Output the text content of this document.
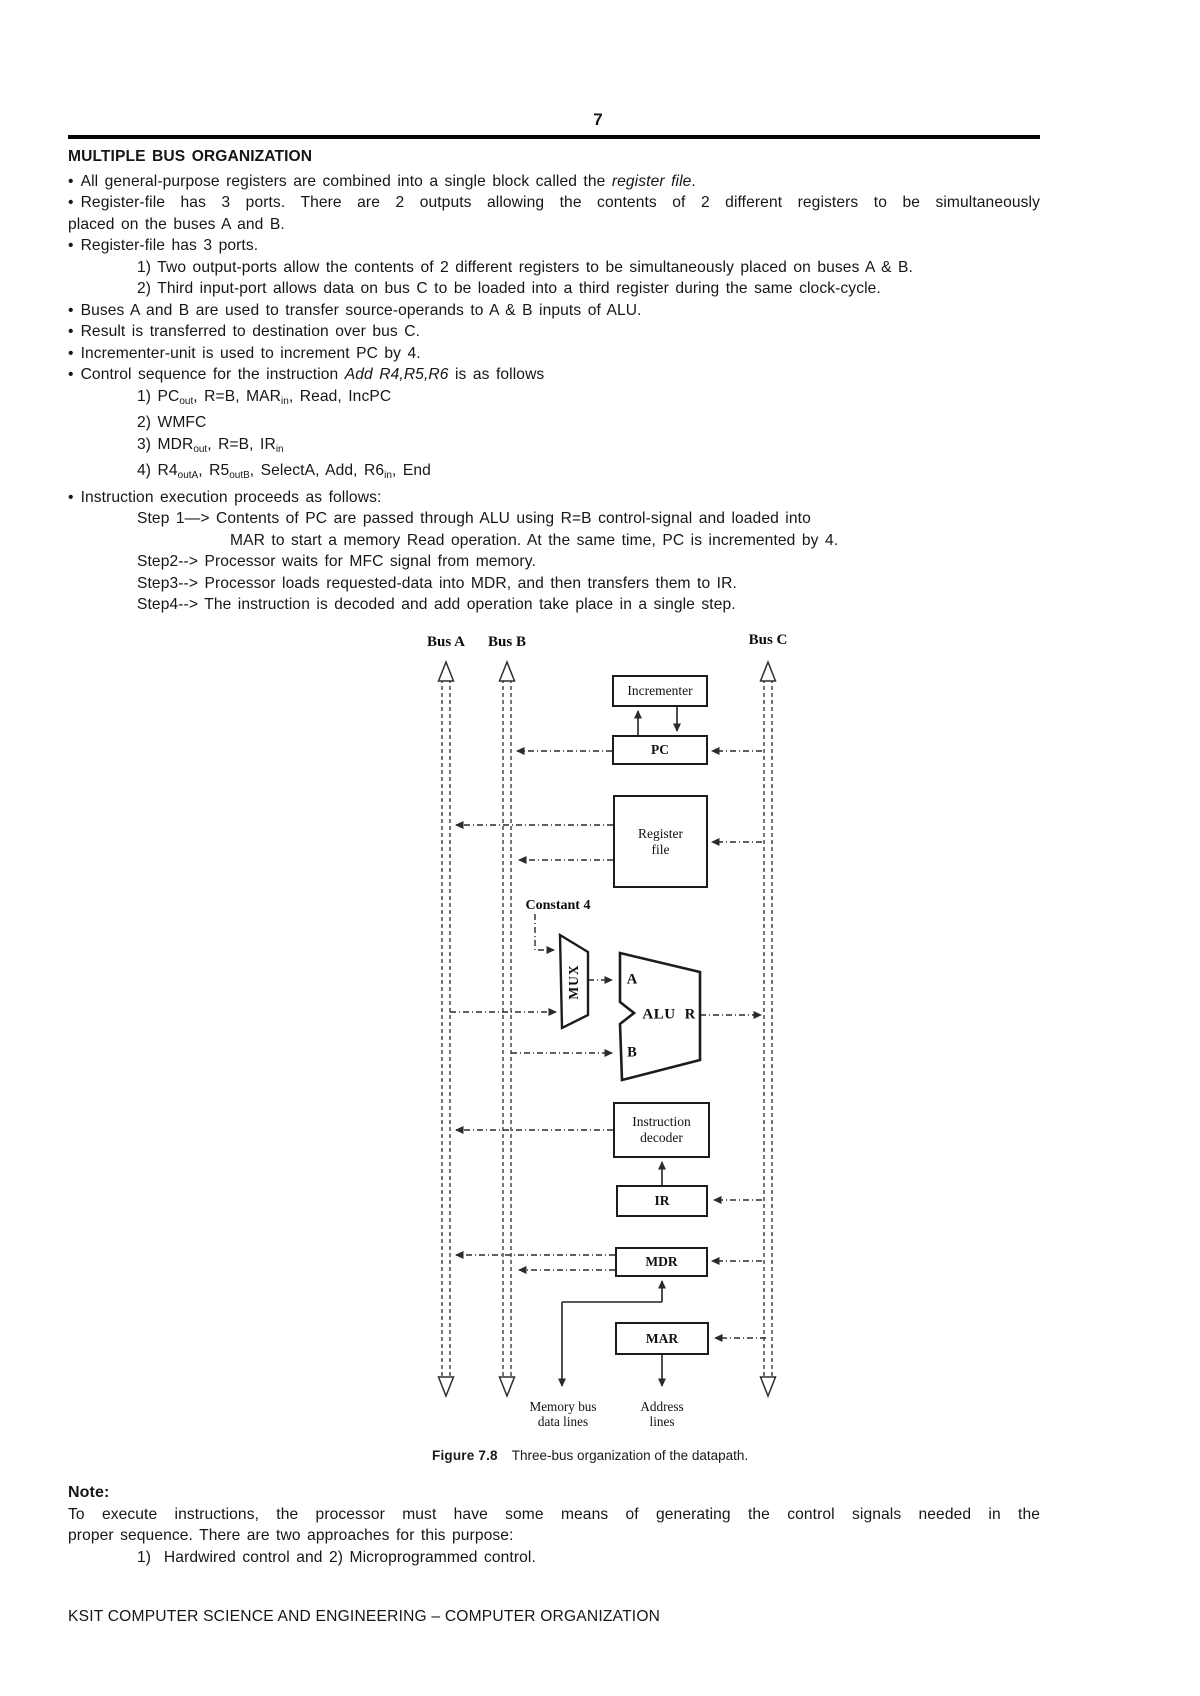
7
MULTIPLE BUS ORGANIZATION
• All general-purpose registers are combined into a single block called the register file.
• Register-file has 3 ports. There are 2 outputs allowing the contents of 2 different registers to be simultaneously
placed on the buses A and B.
• Register-file has 3 ports.
1) Two output-ports allow the contents of 2 different registers to be simultaneously placed on buses A & B.
2) Third input-port allows data on bus C to be loaded into a third register during the same clock-cycle.
• Buses A and B are used to transfer source-operands to A & B inputs of ALU.
• Result is transferred to destination over bus C.
• Incrementer-unit is used to increment PC by 4.
• Control sequence for the instruction Add R4,R5,R6 is as follows
1) $PC_{out}$, R=B, $MAR_{in}$, Read, IncPC
2) WMFC
3) $MDR_{out}$, R=B, $IR_{in}$
4) $R4_{outA}$, $R5_{outB}$, SelectA, Add, $R6_{in}$, End
• Instruction execution proceeds as follows:
Step 1—> Contents of PC are passed through ALU using R=B control-signal and loaded into
MAR to start a memory Read operation. At the same time, PC is incremented by 4.
Step2--> Processor waits for MFC signal from memory.
Step3--> Processor loads requested-data into MDR, and then transfers them to IR.
Step4--> The instruction is decoded and add operation take place in a single step.
Bus A Bus B	Bus C
Incrementer
PC
Register
file
Instruction
decoder
IR
MDR
MAR
Constant 4
MUX	A
B
ALU R
Memory bus
data lines
Address
lines
Figure 7.8 Three-bus organization of the datapath.
Note:
To execute instructions, the processor must have some means of generating the control signals needed in the
proper sequence. There are two approaches for this purpose:
1)  Hardwired control and 2) Microprogrammed control.
KSIT COMPUTER SCIENCE AND ENGINEERING – COMPUTER ORGANIZATION
